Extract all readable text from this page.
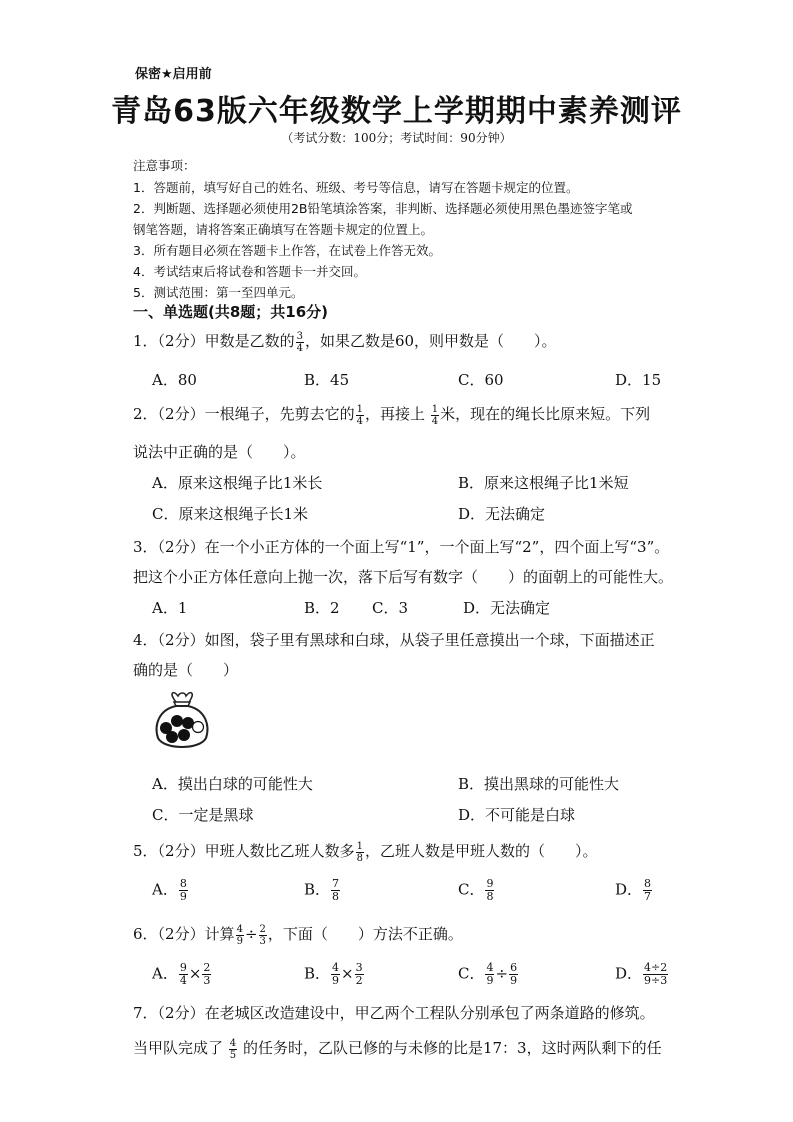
保密★启用前
青岛63版六年级数学上学期期中素养测评
（考试分数：100分；考试时间：90分钟）
注意事项：
1．答题前，填写好自己的姓名、班级、考号等信息，请写在答题卡规定的位置。
2．判断题、选择题必须使用2B铅笔填涂答案，非判断、选择题必须使用黑色墨迹签字笔或
钢笔答题，请将答案正确填写在答题卡规定的位置上。
3．所有题目必须在答题卡上作答，在试卷上作答无效。
4．考试结束后将试卷和答题卡一并交回。
5．测试范围：第一至四单元。
一、单选题(共8题；共16分)
1．（2分）甲数是乙数的 $\frac{3}{4}$ ，如果乙数是60，则甲数是（　　）。
A．80	B．45	C．60	D．15
2．（2分）一根绳子，先剪去它的 $\frac{1}{4}$ ，再接上 $\frac{1}{4}$ 米，现在的绳长比原来短。下列
说法中正确的是（　　）。
A．原来这根绳子比1米长	B．原来这根绳子比1米短
C．原来这根绳子长1米	D．无法确定
3．（2分）在一个小正方体的一个面上写“1”，一个面上写“2”，四个面上写“3”。
把这个小正方体任意向上抛一次，落下后写有数字（　　）的面朝上的可能性大。
A．1	B．2 C．3	D．无法确定
4．（2分）如图，袋子里有黑球和白球，从袋子里任意摸出一个球，下面描述正
确的是（　　）
A．摸出白球的可能性大	B．摸出黑球的可能性大
C．一定是黑球	D．不可能是白球
5．（2分）甲班人数比乙班人数多 $\frac{1}{8}$ ，乙班人数是甲班人数的（　　）。
A． $\frac{8}{9}$	B． $\frac{7}{8}$	C． $\frac{9}{8}$	D． $\frac{8}{7}$
6．（2分）计算 $\frac{4}{9} \div \frac{2}{3}$ ，下面（　　）方法不正确。
A． $\frac{9}{4} \times \frac{2}{3}$	B． $\frac{4}{9} \times \frac{3}{2}$	C． $\frac{4}{9} \div \frac{6}{9}$	D． $\frac{4\div 2}{9\div 3}$
7．（2分）在老城区改造建设中，甲乙两个工程队分别承包了两条道路的修筑。
当甲队完成了 $\frac{4}{5}$ 的任务时，乙队已修的与未修的比是17：3，这时两队剩下的任
